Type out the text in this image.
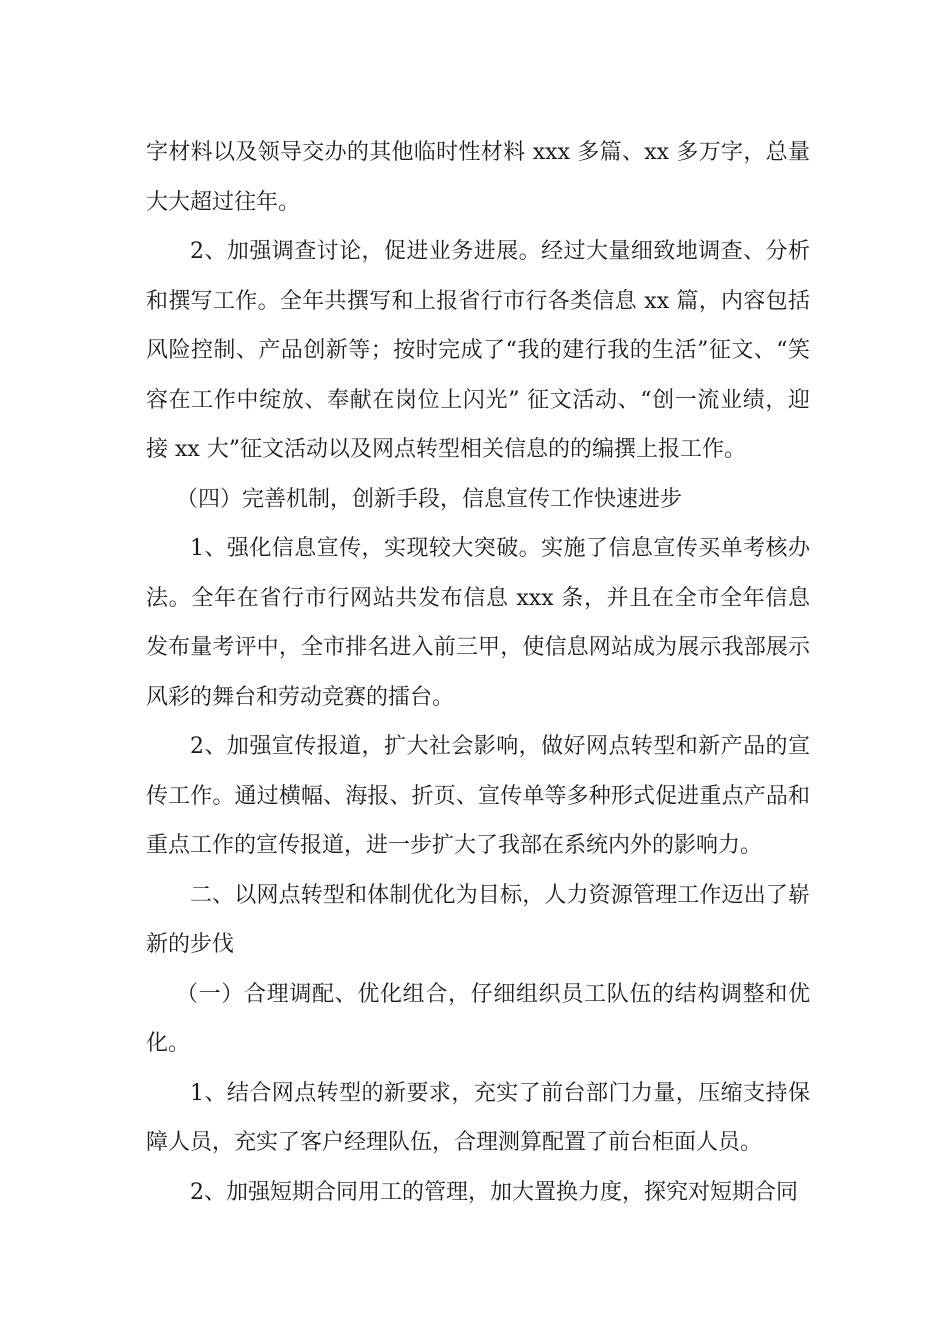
字材料以及领导交办的其他临时性材料 xxx 多篇、xx 多万字，总量大大超过往年。

2、加强调查讨论，促进业务进展。经过大量细致地调查、分析和撰写工作。全年共撰写和上报省行市行各类信息 xx 篇，内容包括风险控制、产品创新等；按时完成了“我的建行我的生活”征文、“笑容在工作中绽放、奉献在岗位上闪光” 征文活动、“创一流业绩，迎接 xx 大”征文活动以及网点转型相关信息的的编撰上报工作。

（四）完善机制，创新手段，信息宣传工作快速进步

1、强化信息宣传，实现较大突破。实施了信息宣传买单考核办法。全年在省行市行网站共发布信息 xxx 条，并且在全市全年信息发布量考评中，全市排名进入前三甲，使信息网站成为展示我部展示风彩的舞台和劳动竞赛的擂台。

2、加强宣传报道，扩大社会影响，做好网点转型和新产品的宣传工作。通过横幅、海报、折页、宣传单等多种形式促进重点产品和重点工作的宣传报道，进一步扩大了我部在系统内外的影响力。

二、以网点转型和体制优化为目标，人力资源管理工作迈出了崭新的步伐

（一）合理调配、优化组合，仔细组织员工队伍的结构调整和优化。

1、结合网点转型的新要求，充实了前台部门力量，压缩支持保障人员，充实了客户经理队伍，合理测算配置了前台柜面人员。

2、加强短期合同用工的管理，加大置换力度，探究对短期合同
